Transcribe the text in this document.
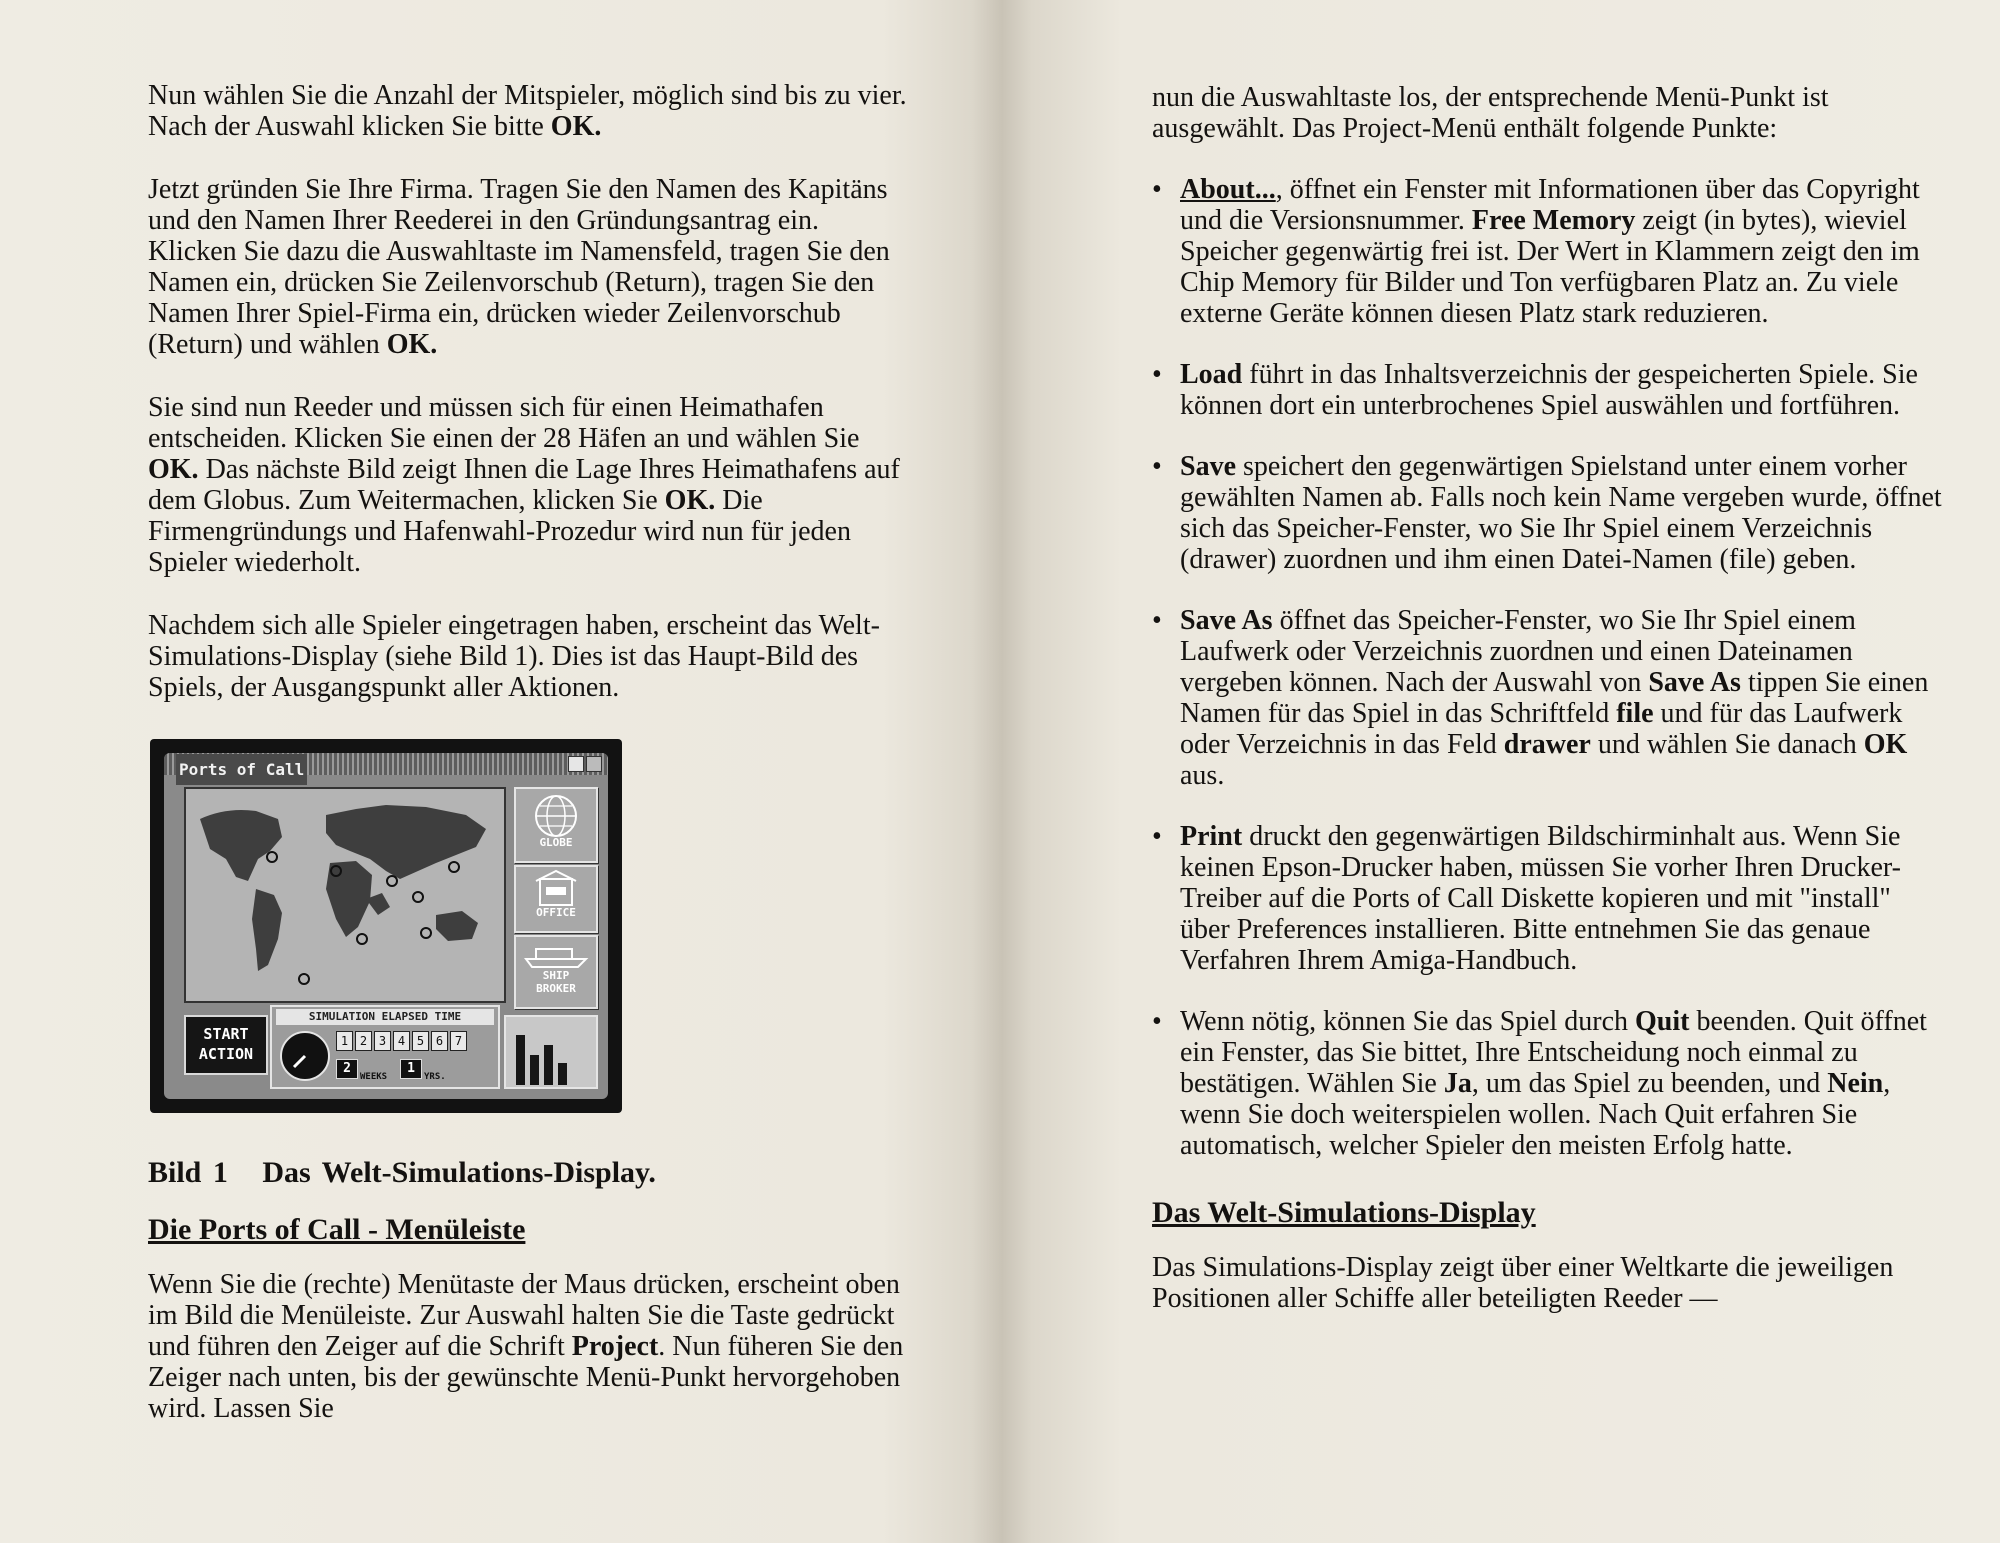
Nun wählen Sie die Anzahl der Mitspieler, möglich sind bis zu vier. Nach der Auswahl klicken Sie bitte OK.

Jetzt gründen Sie Ihre Firma. Tragen Sie den Namen des Kapitäns und den Namen Ihrer Reederei in den Gründungsantrag ein. Klicken Sie dazu die Auswahltaste im Namensfeld, tragen Sie den Namen ein, drücken Sie Zeilenvorschub (Return), tragen Sie den Namen Ihrer Spiel-Firma ein, drücken wieder Zeilenvorschub (Return) und wählen OK.

Sie sind nun Reeder und müssen sich für einen Heimathafen entscheiden. Klicken Sie einen der 28 Häfen an und wählen Sie OK. Das nächste Bild zeigt Ihnen die Lage Ihres Heimathafens auf dem Globus. Zum Weitermachen, klicken Sie OK. Die Firmengründungs und Hafenwahl-Prozedur wird nun für jeden Spieler wiederholt.

Nachdem sich alle Spieler eingetragen haben, erscheint das Welt-Simulations-Display (siehe Bild 1). Dies ist das Haupt-Bild des Spiels, der Ausgangspunkt aller Aktionen.

Ports of Call
GLOBE
OFFICE
SHIP
BROKER
START
ACTION
SIMULATION ELAPSED TIME
1 2 3 4 5 6 7
2
WEEKS
1
YRS.
Bild 1 Das Welt-Simulations-Display.
Die Ports of Call - Menüleiste

Wenn Sie die (rechte) Menütaste der Maus drücken, erscheint oben im Bild die Menüleiste. Zur Auswahl halten Sie die Taste gedrückt und führen den Zeiger auf die Schrift Project. Nun füheren Sie den Zeiger nach unten, bis der gewünschte Menü-Punkt hervorgehoben wird. Lassen Sie

nun die Auswahltaste los, der entsprechende Menü-Punkt ist ausgewählt. Das Project-Menü enthält folgende Punkte:

• About..., öffnet ein Fenster mit Informationen über das Copyright und die Versionsnummer. Free Memory zeigt (in bytes), wieviel Speicher gegenwärtig frei ist. Der Wert in Klammern zeigt den im Chip Memory für Bilder und Ton verfügbaren Platz an. Zu viele externe Geräte können diesen Platz stark reduzieren.
• Load führt in das Inhaltsverzeichnis der gespeicherten Spiele. Sie können dort ein unterbrochenes Spiel auswählen und fortführen.
• Save speichert den gegenwärtigen Spielstand unter einem vorher gewählten Namen ab. Falls noch kein Name vergeben wurde, öffnet sich das Speicher-Fenster, wo Sie Ihr Spiel einem Verzeichnis (drawer) zuordnen und ihm einen Datei-Namen (file) geben.
• Save As öffnet das Speicher-Fenster, wo Sie Ihr Spiel einem Laufwerk oder Verzeichnis zuordnen und einen Dateinamen vergeben können. Nach der Auswahl von Save As tippen Sie einen Namen für das Spiel in das Schriftfeld file und für das Laufwerk oder Verzeichnis in das Feld drawer und wählen Sie danach OK aus.
• Print druckt den gegenwärtigen Bildschirminhalt aus. Wenn Sie keinen Epson-Drucker haben, müssen Sie vorher Ihren Drucker-Treiber auf die Ports of Call Diskette kopieren und mit "install" über Preferences installieren. Bitte entnehmen Sie das genaue Verfahren Ihrem Amiga-Handbuch.
• Wenn nötig, können Sie das Spiel durch Quit beenden. Quit öffnet ein Fenster, das Sie bittet, Ihre Entscheidung noch einmal zu bestätigen. Wählen Sie Ja, um das Spiel zu beenden, und Nein, wenn Sie doch weiterspielen wollen. Nach Quit erfahren Sie automatisch, welcher Spieler den meisten Erfolg hatte.
Das Welt-Simulations-Display

Das Simulations-Display zeigt über einer Weltkarte die jeweiligen Positionen aller Schiffe aller beteiligten Reeder —
